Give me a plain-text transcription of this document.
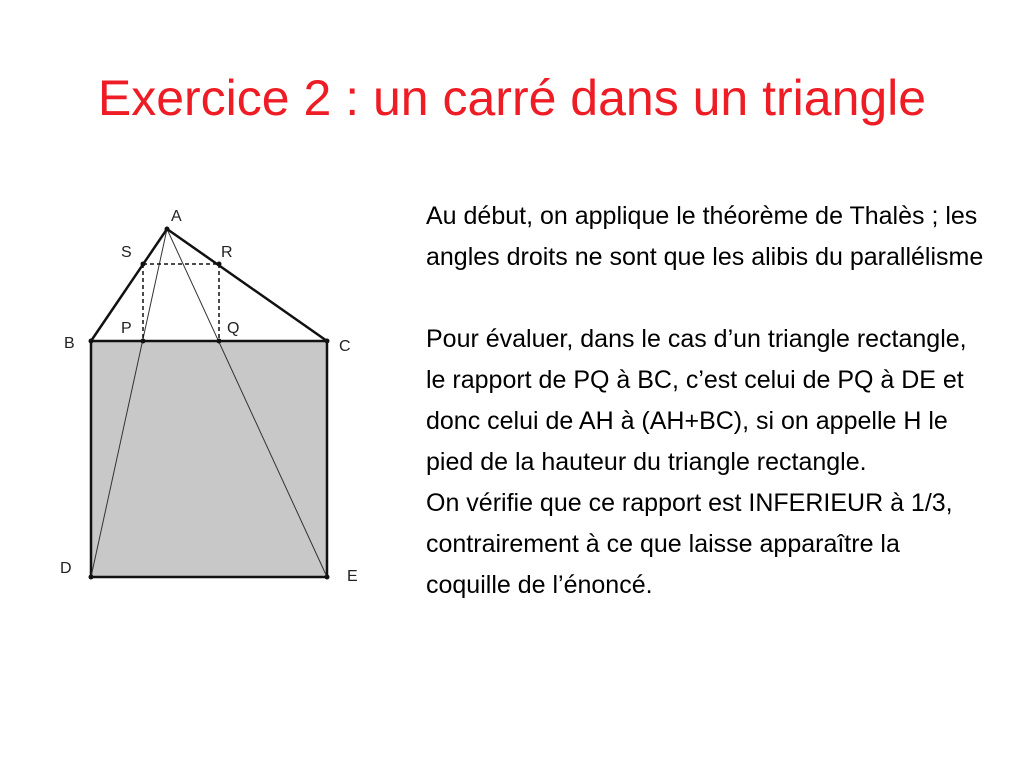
Exercice 2 : un carré dans un triangle
A
S	R
P	Q
B	C
D	E

Au début, on applique le théorème de Thalès ; les angles droits ne sont que les alibis du parallélisme

Pour évaluer, dans le cas d’un triangle rectangle, le rapport de PQ à BC, c’est celui de PQ à DE et donc celui de AH à (AH+BC), si on appelle H le pied de la hauteur du triangle rectangle.

On vérifie que ce rapport est INFERIEUR à 1/3, contrairement à ce que laisse apparaître la coquille de l’énoncé.
